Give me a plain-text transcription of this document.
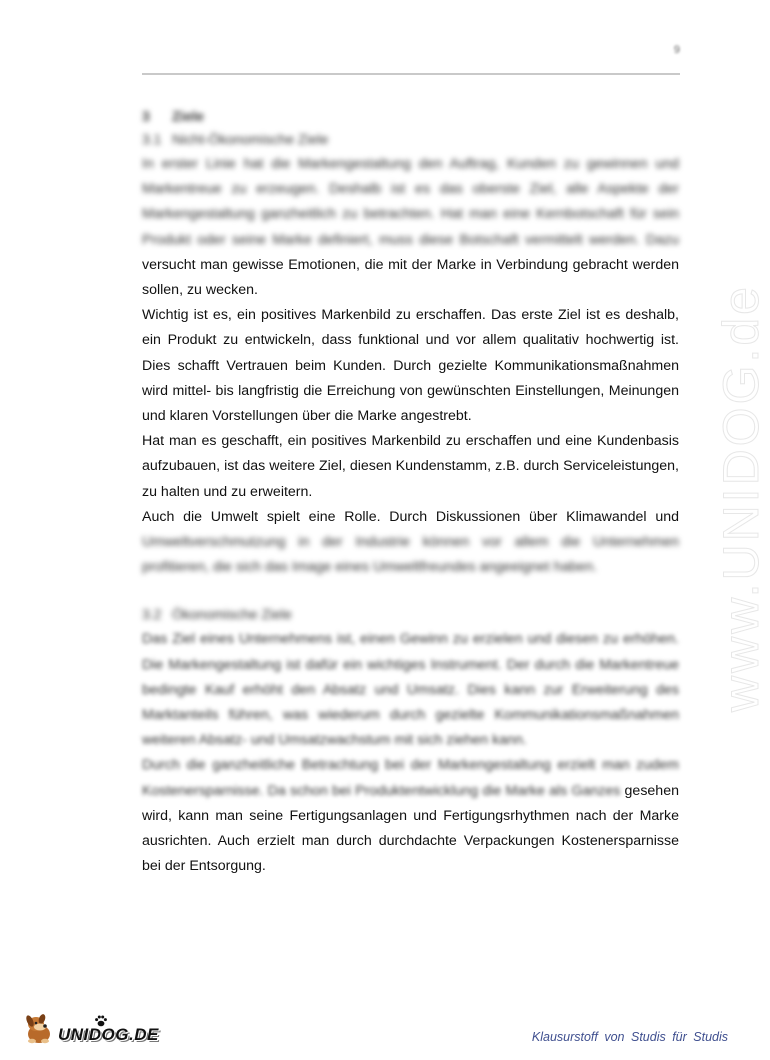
9
www.UNIDOG.de
3 Ziele
3.1 Nicht-Ökonomische Ziele

In erster Linie hat die Markengestaltung den Auftrag, Kunden zu gewinnen und Markentreue zu erzeugen. Deshalb ist es das oberste Ziel, alle Aspekte der Markengestaltung ganzheitlich zu betrachten. Hat man eine Kernbotschaft für sein Produkt oder seine Marke definiert, muss diese Botschaft vermittelt werden. Dazu versucht man gewisse Emotionen, die mit der Marke in Verbindung gebracht werden sollen, zu wecken.

Wichtig ist es, ein positives Markenbild zu erschaffen. Das erste Ziel ist es deshalb, ein Produkt zu entwickeln, dass funktional und vor allem qualitativ hochwertig ist. Dies schafft Vertrauen beim Kunden. Durch gezielte Kommunikationsmaßnahmen wird mittel- bis langfristig die Erreichung von gewünschten Einstellungen, Meinungen und klaren Vorstellungen über die Marke angestrebt.

Hat man es geschafft, ein positives Markenbild zu erschaffen und eine Kundenbasis aufzubauen, ist das weitere Ziel, diesen Kundenstamm, z.B. durch Serviceleistungen, zu halten und zu erweitern.

Auch die Umwelt spielt eine Rolle. Durch Diskussionen über Klimawandel und Umweltverschmutzung in der Industrie können vor allem die Unternehmen profitieren, die sich das Image eines Umweltfreundes angeeignet haben.

3.2 Ökonomische Ziele

Das Ziel eines Unternehmens ist, einen Gewinn zu erzielen und diesen zu erhöhen. Die Markengestaltung ist dafür ein wichtiges Instrument. Der durch die Markentreue bedingte Kauf erhöht den Absatz und Umsatz. Dies kann zur Erweiterung des Marktanteils führen, was wiederum durch gezielte Kommunikationsmaßnahmen weiteren Absatz- und Umsatzwachstum mit sich ziehen kann.

Durch die ganzheitliche Betrachtung bei der Markengestaltung erzielt man zudem Kostenersparnisse. Da schon bei Produktentwicklung die Marke als Ganzes gesehen wird, kann man seine Fertigungsanlagen und Fertigungsrhythmen nach der Marke ausrichten. Auch erzielt man durch durchdachte Verpackungen Kostenersparnisse bei der Entsorgung.

UNIDOG.DE	Klausurstoff von Studis für Studis
